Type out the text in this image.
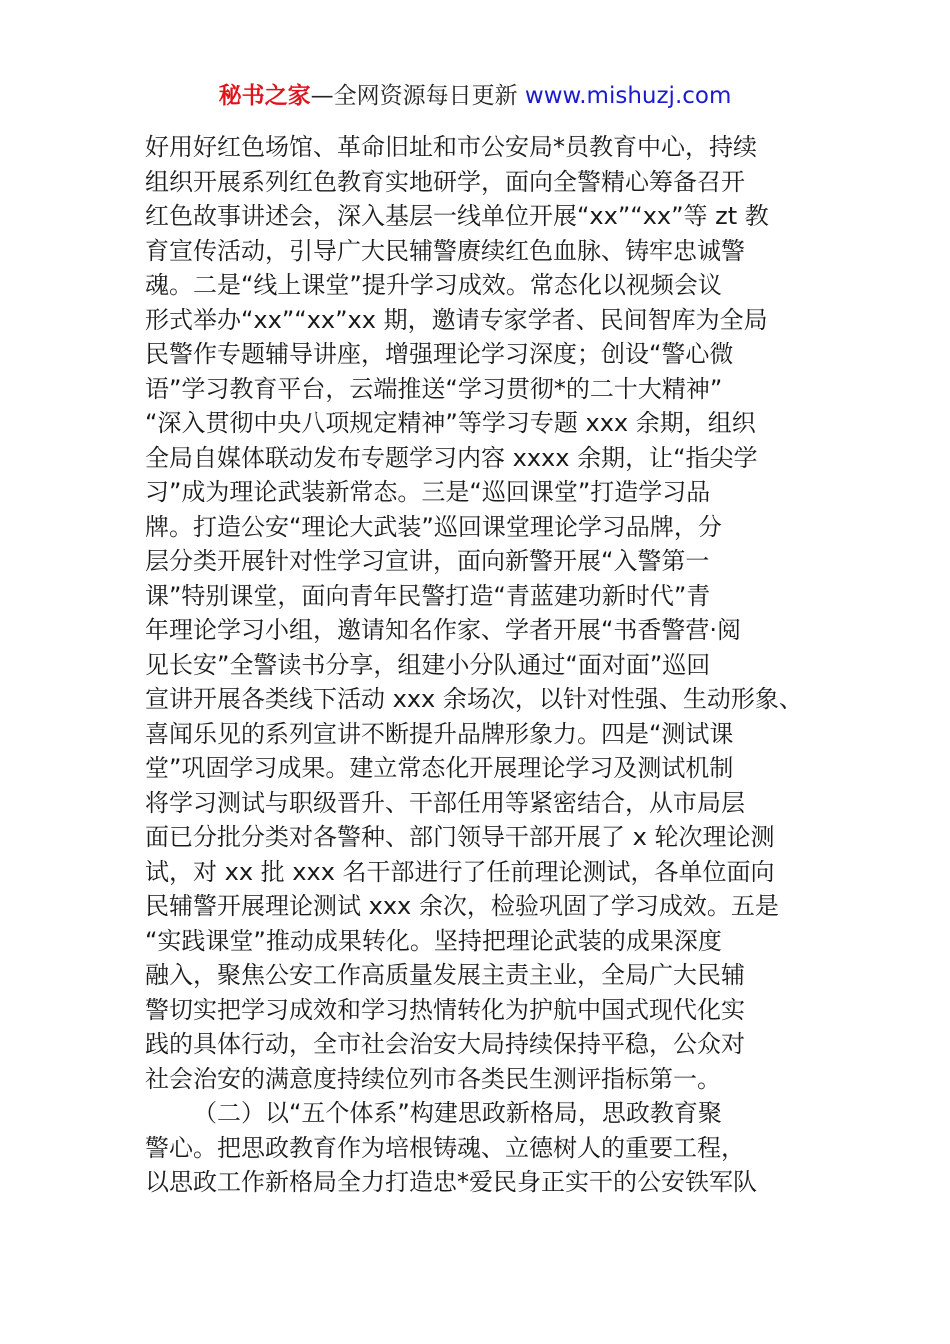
秘书之家—全网资源每日更新 www.mishuzj.com
好用好红色场馆、革命旧址和市公安局*员教育中心，持续
组织开展系列红色教育实地研学，面向全警精心筹备召开
红色故事讲述会，深入基层一线单位开展“xx”“xx”等 zt 教
育宣传活动，引导广大民辅警赓续红色血脉、铸牢忠诚警
魂。二是“线上课堂”提升学习成效。常态化以视频会议
形式举办“xx”“xx”xx 期，邀请专家学者、民间智库为全局
民警作专题辅导讲座，增强理论学习深度；创设“警心微
语”学习教育平台，云端推送“学习贯彻*的二十大精神”
“深入贯彻中央八项规定精神”等学习专题 xxx 余期，组织
全局自媒体联动发布专题学习内容 xxxx 余期，让“指尖学
习”成为理论武装新常态。三是“巡回课堂”打造学习品
牌。打造公安“理论大武装”巡回课堂理论学习品牌，分
层分类开展针对性学习宣讲，面向新警开展“入警第一
课”特别课堂，面向青年民警打造“青蓝建功新时代”青
年理论学习小组，邀请知名作家、学者开展“书香警营·阅
见长安”全警读书分享，组建小分队通过“面对面”巡回
宣讲开展各类线下活动 xxx 余场次，以针对性强、生动形象、
喜闻乐见的系列宣讲不断提升品牌形象力。四是“测试课
堂”巩固学习成果。建立常态化开展理论学习及测试机制
将学习测试与职级晋升、干部任用等紧密结合，从市局层
面已分批分类对各警种、部门领导干部开展了 x 轮次理论测
试，对 xx 批 xxx 名干部进行了任前理论测试，各单位面向
民辅警开展理论测试 xxx 余次，检验巩固了学习成效。五是
“实践课堂”推动成果转化。坚持把理论武装的成果深度
融入，聚焦公安工作高质量发展主责主业，全局广大民辅
警切实把学习成效和学习热情转化为护航中国式现代化实
践的具体行动，全市社会治安大局持续保持平稳，公众对
社会治安的满意度持续位列市各类民生测评指标第一。
（二）以“五个体系”构建思政新格局，思政教育聚
警心。把思政教育作为培根铸魂、立德树人的重要工程，
以思政工作新格局全力打造忠*爱民身正实干的公安铁军队
